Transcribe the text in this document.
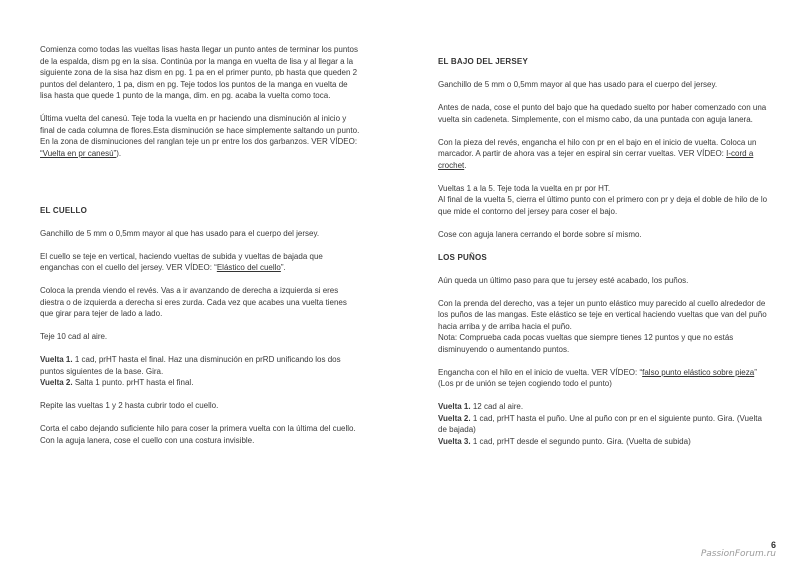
Comienza como todas las vueltas lisas hasta llegar un punto antes de terminar los puntos de la espalda, dism pg en la sisa. Continúa por la manga en vuelta de lisa y al llegar a la siguiente zona de la sisa haz dism en pg. 1 pa en el primer punto, pb hasta que queden 2 puntos del delantero, 1 pa, dism en pg. Teje todos los puntos de la manga en vuelta de lisa hasta que quede 1 punto de la manga, dim. en pg. acaba la vuelta como toca.

Última vuelta del canesú. Teje toda la vuelta en pr haciendo una disminución al inicio y final de cada columna de flores.Esta disminución se hace simplemente saltando un punto. En la zona de disminuciones del ranglan teje un pr entre los dos garbanzos. VER VÍDEO: “Vuelta en pr canesú”).

EL CUELLO

Ganchillo de 5 mm o 0,5mm mayor al que has usado para el cuerpo del jersey.

El cuello se teje en vertical, haciendo vueltas de subida y vueltas de bajada que enganchas con el cuello del jersey. VER VÍDEO: “Elástico del cuello”.

Coloca la prenda viendo el revés. Vas a ir avanzando de derecha a izquierda si eres diestra o de izquierda a derecha si eres zurda. Cada vez que acabes una vuelta tienes que girar para tejer de lado a lado.

Teje 10 cad al aire.

Vuelta 1. 1 cad, prHT hasta el final. Haz una disminución en prRD unificando los dos puntos siguientes de la base. Gira.
Vuelta 2. Salta 1 punto. prHT hasta el final.

Repite las vueltas 1 y 2 hasta cubrir todo el cuello.

Corta el cabo dejando suficiente hilo para coser la primera vuelta con la última del cuello. Con la aguja lanera, cose el cuello con una costura invisible.

EL BAJO DEL JERSEY

Ganchillo de 5 mm o 0,5mm mayor al que has usado para el cuerpo del jersey.

Antes de nada, cose el punto del bajo que ha quedado suelto por haber comenzado con una vuelta sin cadeneta. Simplemente, con el mismo cabo, da una puntada con aguja lanera.

Con la pieza del revés, engancha el hilo con pr en el bajo en el inicio de vuelta. Coloca un marcador. A partir de ahora vas a tejer en espiral sin cerrar vueltas. VER VÍDEO: I-cord a crochet.

Vueltas 1 a la 5. Teje toda la vuelta en pr por HT.
Al final de la vuelta 5, cierra el último punto con el primero con pr y deja el doble de hilo de lo que mide el contorno del jersey para coser el bajo.

Cose con aguja lanera cerrando el borde sobre sí mismo.

LOS PUÑOS

Aún queda un último paso para que tu jersey esté acabado, los puños.

Con la prenda del derecho, vas a tejer un punto elástico muy parecido al cuello alrededor de los puños de las mangas. Este elástico se teje en vertical haciendo vueltas que van del puño hacia arriba y de arriba hacia el puño.
Nota: Comprueba cada pocas vueltas que siempre tienes 12 puntos y que no estás disminuyendo o aumentando puntos.

Engancha con el hilo en el inicio de vuelta. VER VÍDEO: “falso punto elástico sobre pieza”
(Los pr de unión se tejen cogiendo todo el punto)

Vuelta 1. 12 cad al aire.
Vuelta 2. 1 cad, prHT hasta el puño. Une al puño con pr en el siguiente punto. Gira. (Vuelta de bajada)
Vuelta 3. 1 cad, prHT desde el segundo punto. Gira. (Vuelta de subida)

6
PassionForum.ru
